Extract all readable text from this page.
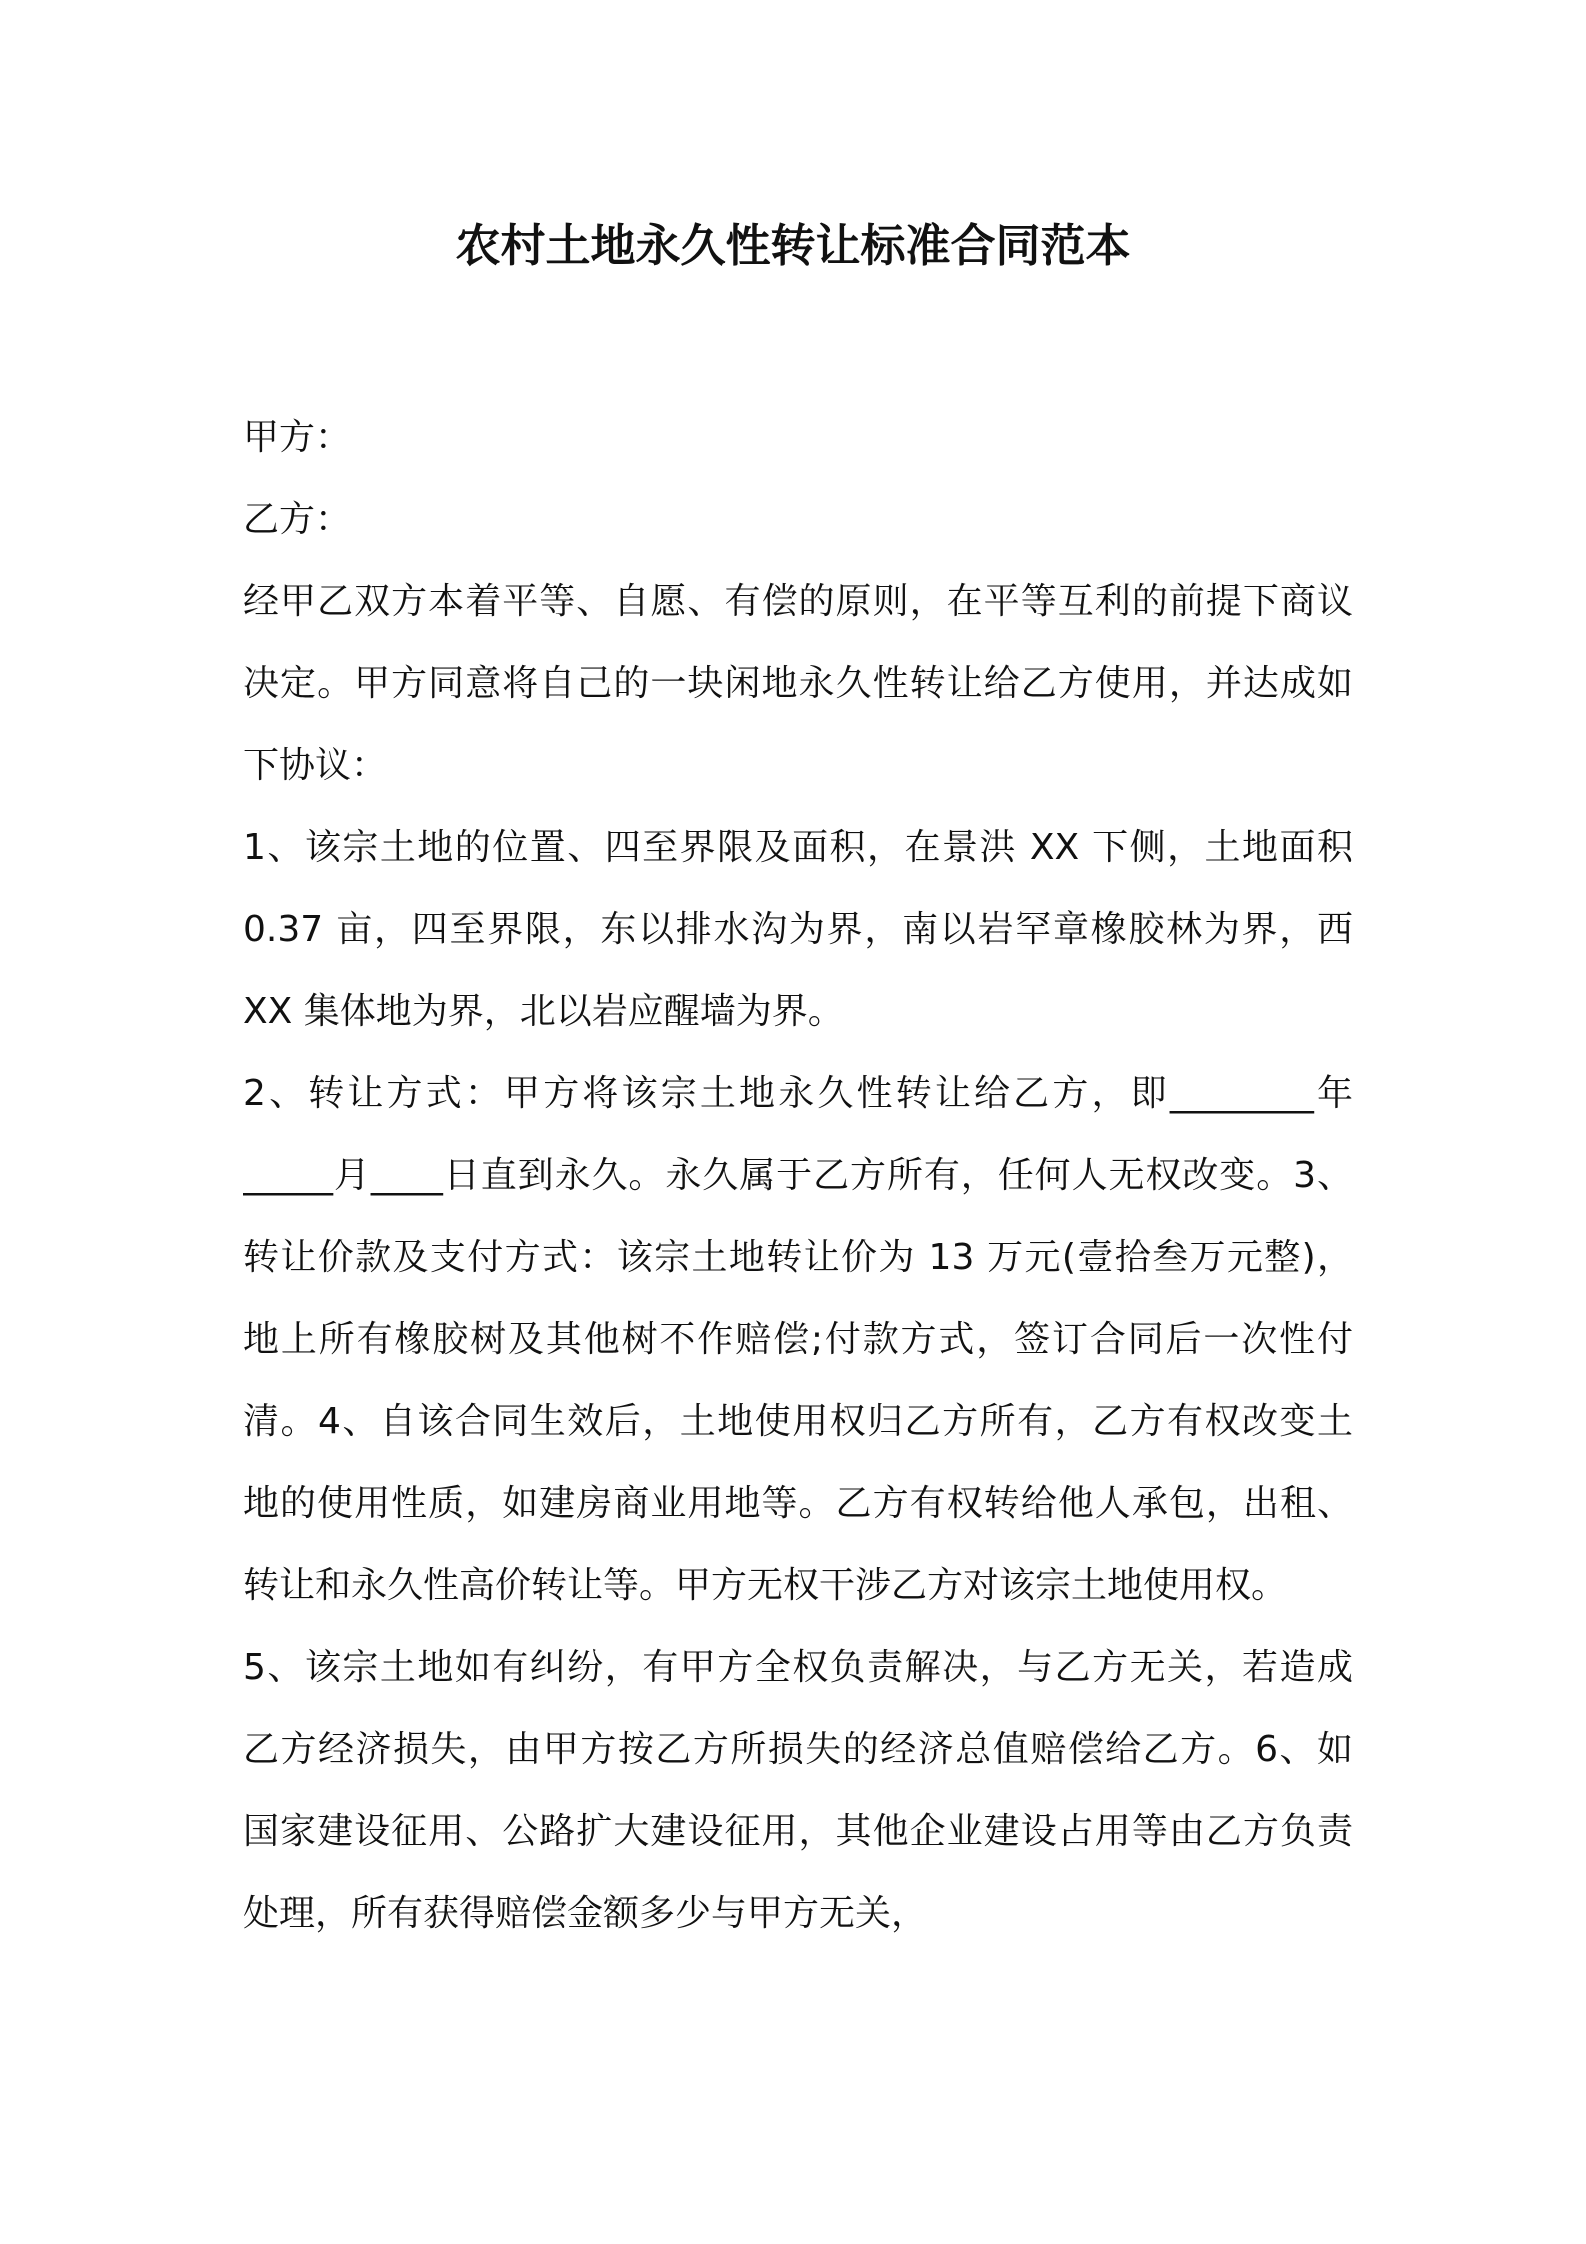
农村土地永久性转让标准合同范本
甲方：
乙方：
经甲乙双方本着平等、自愿、有偿的原则，在平等互利的前提下商议
决定。甲方同意将自己的一块闲地永久性转让给乙方使用，并达成如
下协议：
1、该宗土地的位置、四至界限及面积，在景洪 XX 下侧，土地面积
0.37 亩，四至界限，东以排水沟为界，南以岩罕章橡胶林为界，西
XX 集体地为界，北以岩应醒墙为界。
2、转让方式：甲方将该宗土地永久性转让给乙方，即________年
_____月____日直到永久。永久属于乙方所有，任何人无权改变。3、
转让价款及支付方式：该宗土地转让价为 13 万元(壹拾叁万元整)，
地上所有橡胶树及其他树不作赔偿;付款方式，签订合同后一次性付
清。4、自该合同生效后，土地使用权归乙方所有，乙方有权改变土
地的使用性质，如建房商业用地等。乙方有权转给他人承包，出租、
转让和永久性高价转让等。甲方无权干涉乙方对该宗土地使用权。
5、该宗土地如有纠纷，有甲方全权负责解决，与乙方无关，若造成
乙方经济损失，由甲方按乙方所损失的经济总值赔偿给乙方。6、如
国家建设征用、公路扩大建设征用，其他企业建设占用等由乙方负责
处理，所有获得赔偿金额多少与甲方无关，
